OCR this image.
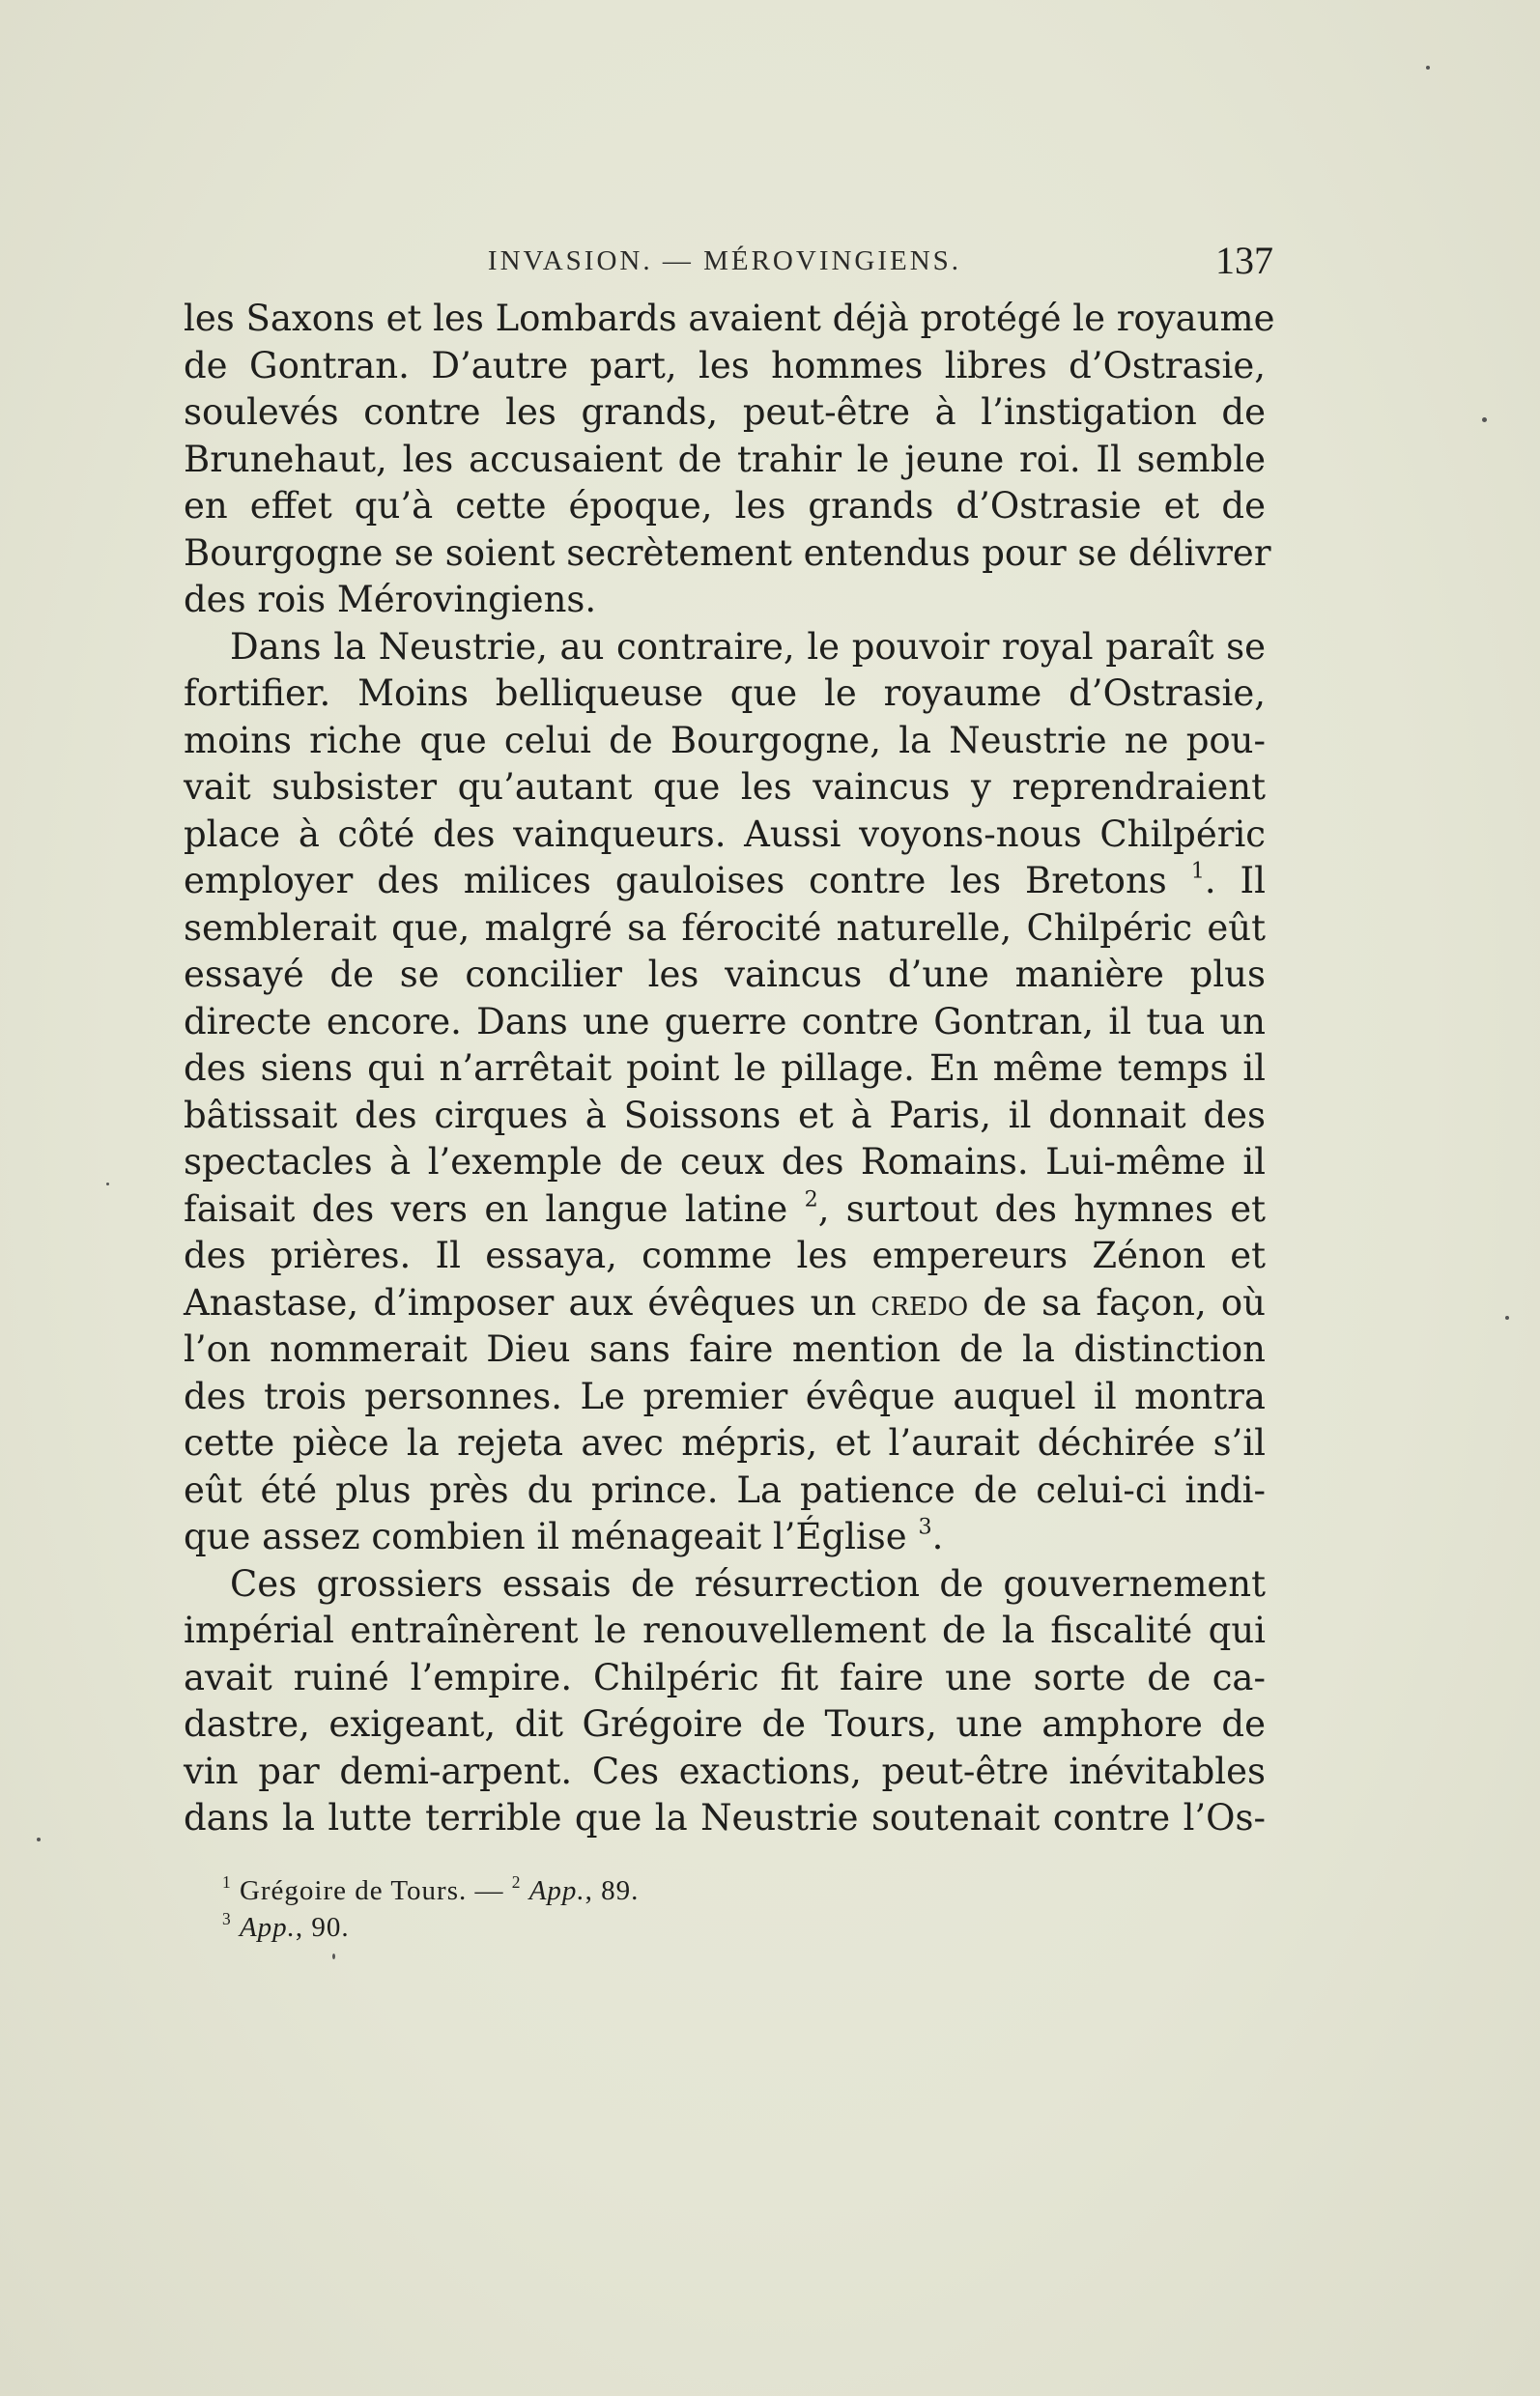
INVASION. — MÉROVINGIENS.	137
les Saxons et les Lombards avaient déjà protégé le royaume
de Gontran. D’autre part, les hommes libres d’Ostrasie,
soulevés contre les grands, peut-être à l’instigation de
Brunehaut, les accusaient de trahir le jeune roi. Il semble
en effet qu’à cette époque, les grands d’Ostrasie et de
Bourgogne se soient secrètement entendus pour se délivrer
des rois Mérovingiens.
Dans la Neustrie, au contraire, le pouvoir royal paraît se
fortifier. Moins belliqueuse que le royaume d’Ostrasie,
moins riche que celui de Bourgogne, la Neustrie ne pou-
vait subsister qu’autant que les vaincus y reprendraient
place à côté des vainqueurs. Aussi voyons-nous Chilpéric
employer des milices gauloises contre les Bretons $^1$. Il
semblerait que, malgré sa férocité naturelle, Chilpéric eût
essayé de se concilier les vaincus d’une manière plus
directe encore. Dans une guerre contre Gontran, il tua un
des siens qui n’arrêtait point le pillage. En même temps il
bâtissait des cirques à Soissons et à Paris, il donnait des
spectacles à l’exemple de ceux des Romains. Lui-même il
faisait des vers en langue latine $^2$, surtout des hymnes et
des prières. Il essaya, comme les empereurs Zénon et
Anastase, d’imposer aux évêques un credo de sa façon, où
l’on nommerait Dieu sans faire mention de la distinction
des trois personnes. Le premier évêque auquel il montra
cette pièce la rejeta avec mépris, et l’aurait déchirée s’il
eût été plus près du prince. La patience de celui-ci indi-
que assez combien il ménageait l’Église $^3$.
Ces grossiers essais de résurrection de gouvernement
impérial entraînèrent le renouvellement de la fiscalité qui
avait ruiné l’empire. Chilpéric fit faire une sorte de ca-
dastre, exigeant, dit Grégoire de Tours, une amphore de
vin par demi-arpent. Ces exactions, peut-être inévitables
dans la lutte terrible que la Neustrie soutenait contre l’Os-
$^1$ Grégoire de Tours. — $^2$ App., 89.
$^3$ App., 90.
